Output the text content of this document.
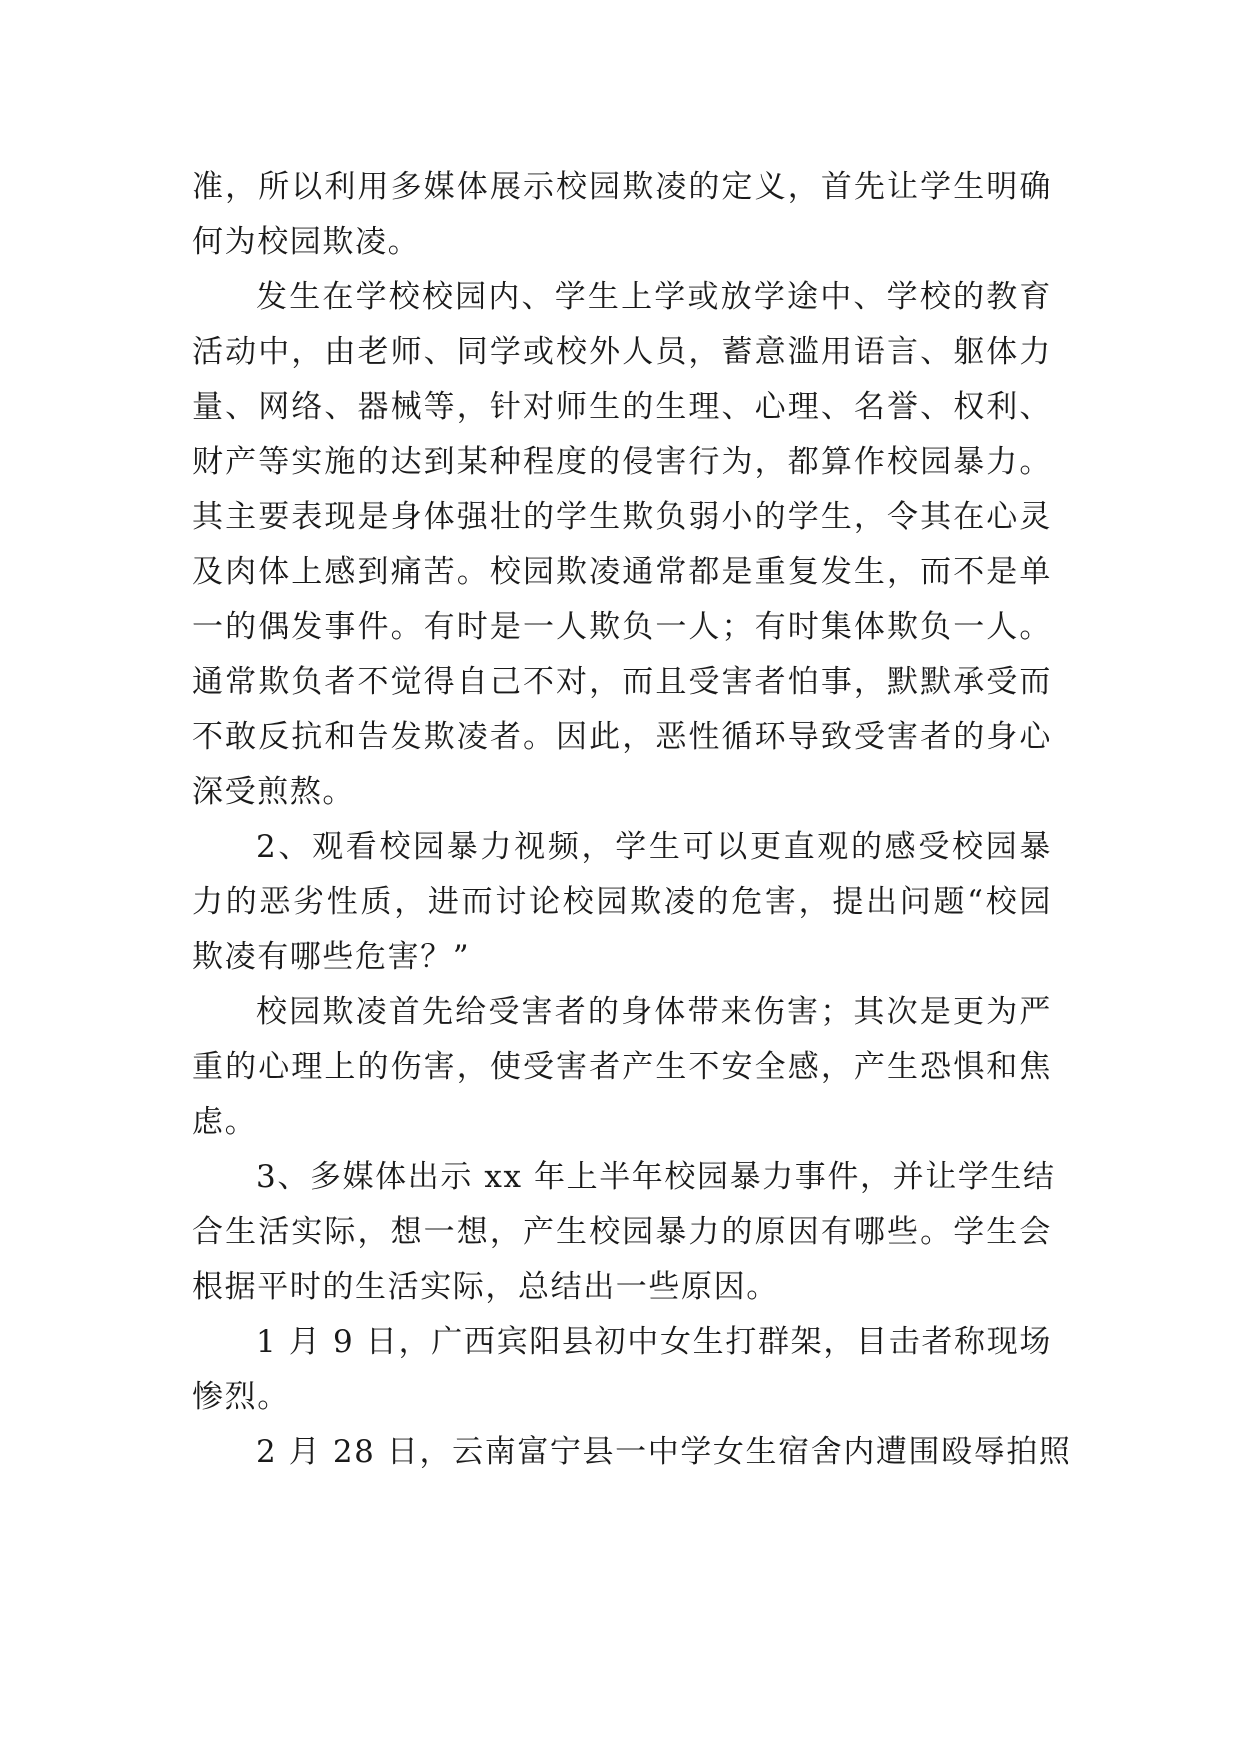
准，所以利用多媒体展示校园欺凌的定义，首先让学生明确
何为校园欺凌。
发生在学校校园内、学生上学或放学途中、学校的教育
活动中，由老师、同学或校外人员，蓄意滥用语言、躯体力
量、网络、器械等，针对师生的生理、心理、名誉、权利、
财产等实施的达到某种程度的侵害行为，都算作校园暴力。
其主要表现是身体强壮的学生欺负弱小的学生，令其在心灵
及肉体上感到痛苦。校园欺凌通常都是重复发生，而不是单
一的偶发事件。有时是一人欺负一人；有时集体欺负一人。
通常欺负者不觉得自己不对，而且受害者怕事，默默承受而
不敢反抗和告发欺凌者。因此，恶性循环导致受害者的身心
深受煎熬。
2、观看校园暴力视频，学生可以更直观的感受校园暴
力的恶劣性质，进而讨论校园欺凌的危害，提出问题“校园
欺凌有哪些危害？”
校园欺凌首先给受害者的身体带来伤害；其次是更为严
重的心理上的伤害，使受害者产生不安全感，产生恐惧和焦
虑。
3、多媒体出示 xx 年上半年校园暴力事件，并让学生结
合生活实际，想一想，产生校园暴力的原因有哪些。学生会
根据平时的生活实际，总结出一些原因。
1 月 9 日，广西宾阳县初中女生打群架，目击者称现场
惨烈。
2 月 28 日，云南富宁县一中学女生宿舍内遭围殴辱拍照
